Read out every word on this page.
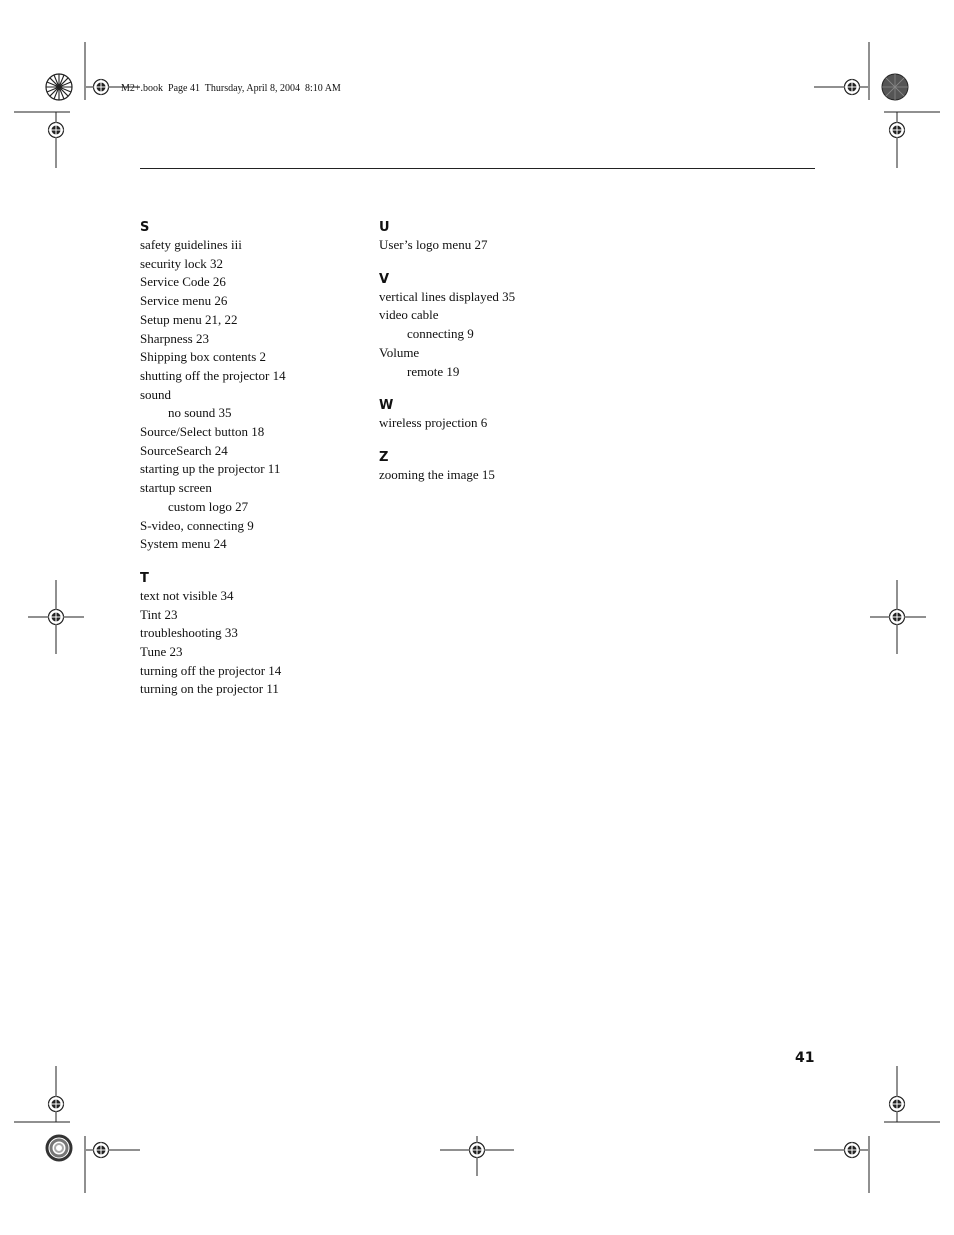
M2+.book  Page 41  Thursday, April 8, 2004  8:10 AM
S
safety guidelines iii
security lock 32
Service Code 26
Service menu 26
Setup menu 21, 22
Sharpness 23
Shipping box contents 2
shutting off the projector 14
sound
no sound 35
Source/Select button 18
SourceSearch 24
starting up the projector 11
startup screen
custom logo 27
S-video, connecting 9
System menu 24
T
text not visible 34
Tint 23
troubleshooting 33
Tune 23
turning off the projector 14
turning on the projector 11
U
User’s logo menu 27
V
vertical lines displayed 35
video cable
connecting 9
Volume
remote 19
W
wireless projection 6
Z
zooming the image 15
41
